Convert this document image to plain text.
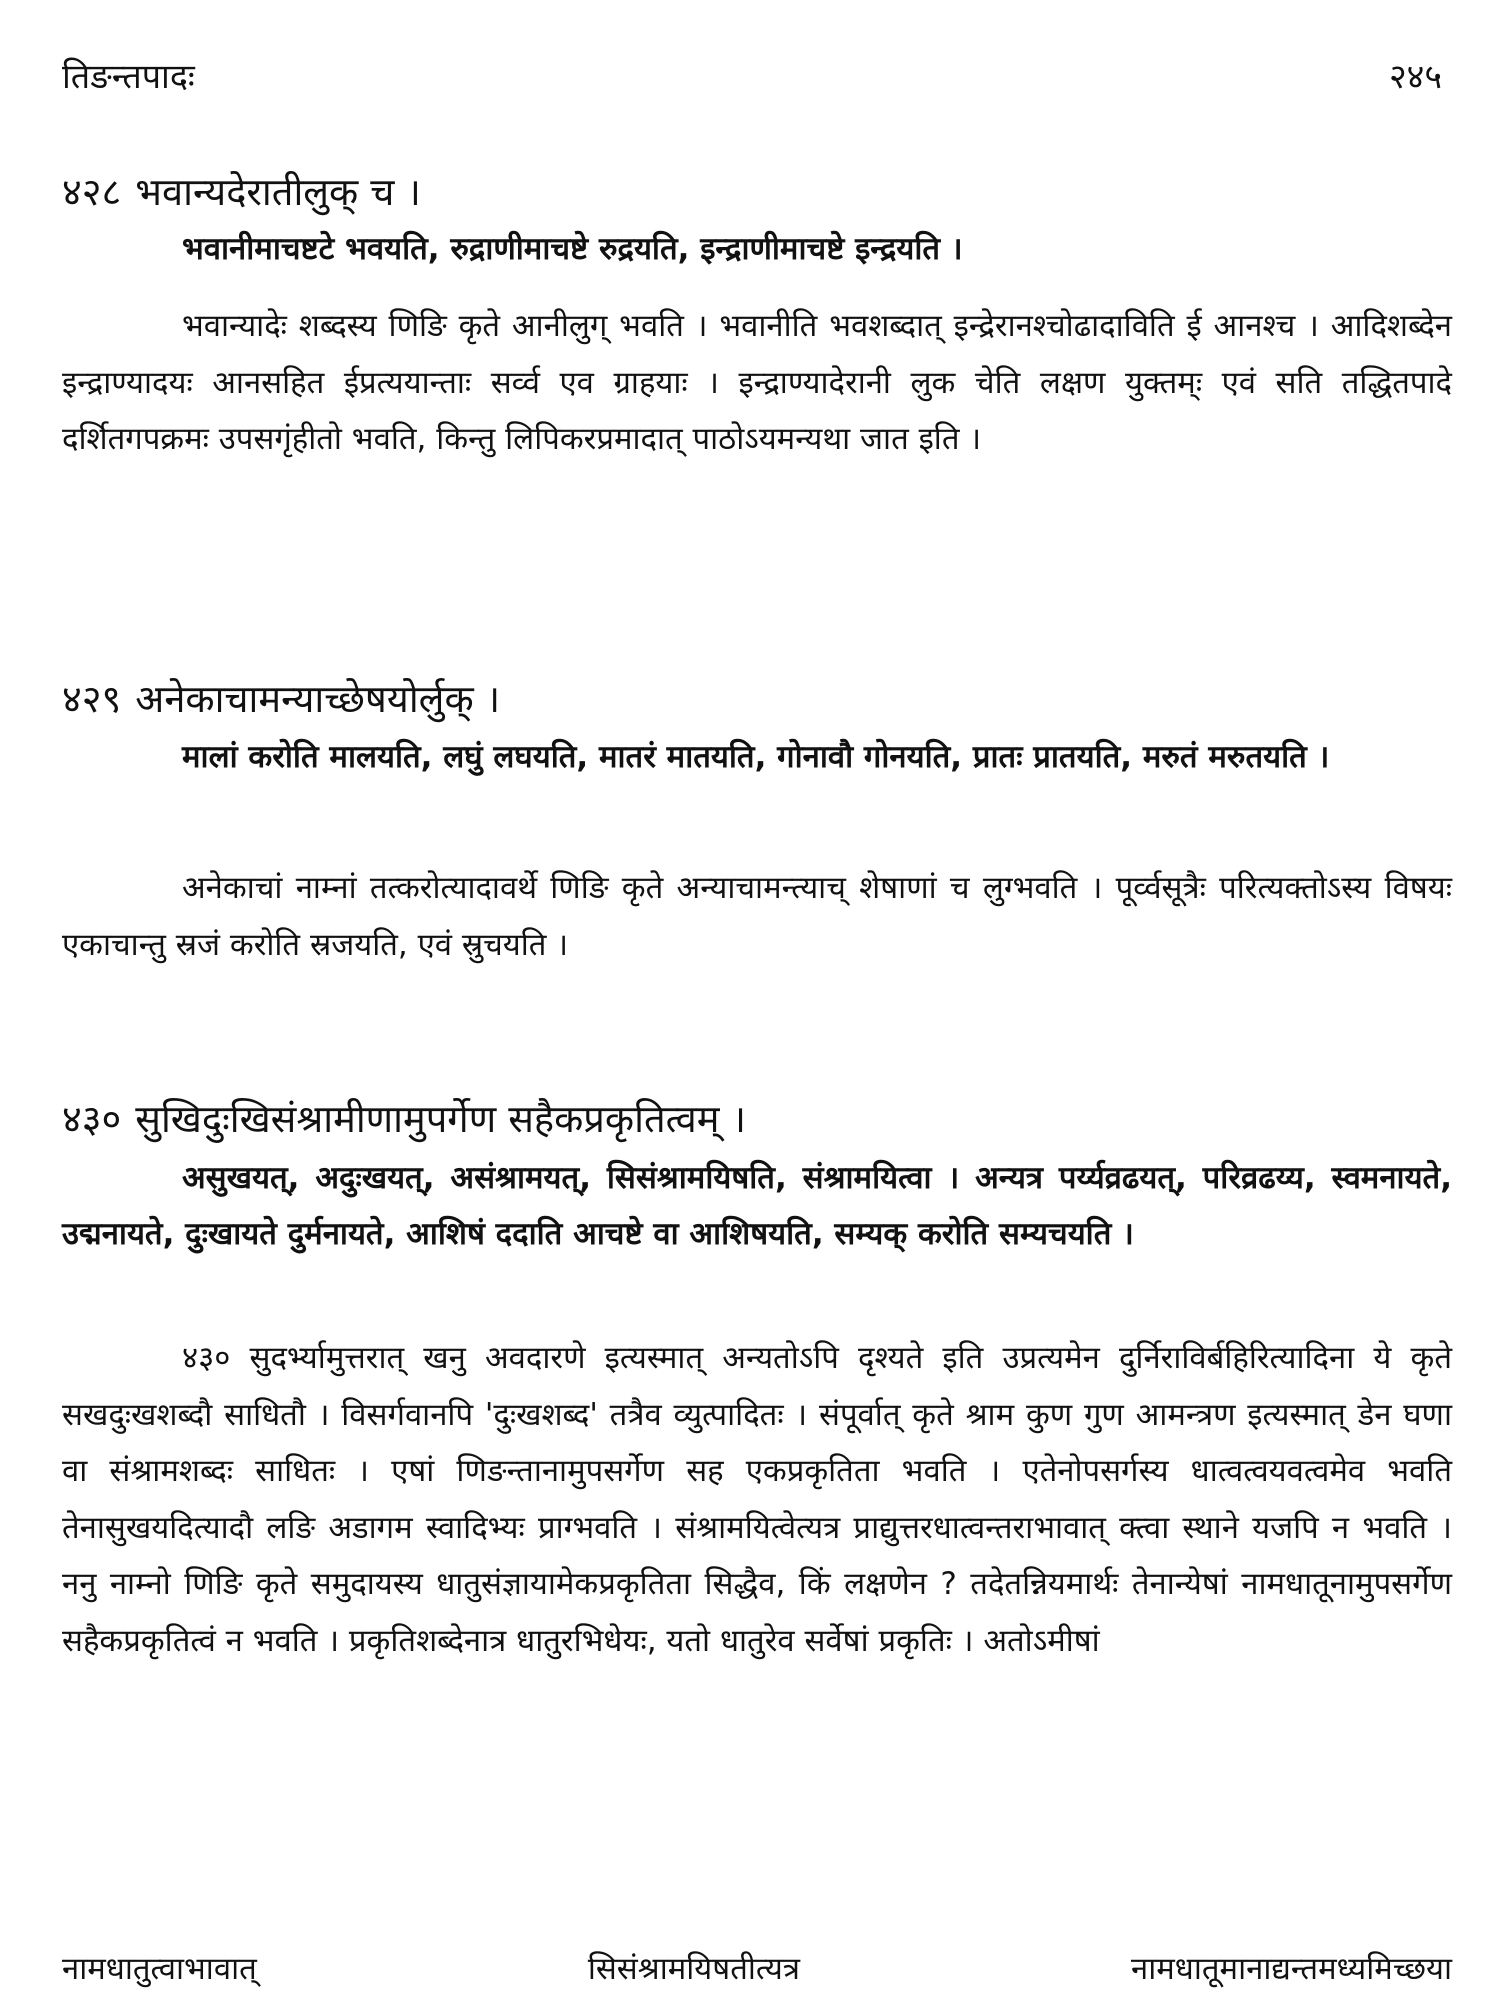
तिङन्तपादः	२४५
४२८ भवान्यदेरातीलुक् च ।
भवानीमाचष्टटे भवयति, रुद्राणीमाचष्टे रुद्रयति, इन्द्राणीमाचष्टे इन्द्रयति ।
भवान्यादेः शब्दस्य णिङि कृते आनीलुग् भवति । भवानीति भवशब्दात् इन्द्रेरानश्चोढादाविति ई आनश्च । आदिशब्देन इन्द्राण्यादयः आनसहित ईप्रत्ययान्ताः सर्व्व एव ग्राहयाः । इन्द्राण्यादेरानी लुक चेति लक्षण युक्तम्ः एवं सति तद्धितपादे दर्शितगपक्रमः उपसगृंहीतो भवति, किन्तु लिपिकरप्रमादात् पाठोऽयमन्यथा जात इति ।
४२९ अनेकाचामन्याच्छेषयोर्लुक् ।
मालां करोति मालयति, लघुं लघयति, मातरं मातयति, गोनावौ गोनयति, प्रातः प्रातयति, मरुतं मरुतयति ।
अनेकाचां नाम्नां तत्करोत्यादावर्थे णिङि कृते अन्याचामन्त्याच् शेषाणां च लुग्भवति । पूर्व्वसूत्रैः परित्यक्तोऽस्य विषयः एकाचान्तु स्रजं करोति स्रजयति, एवं स्रुचयति ।
४३० सुखिदुःखिसंश्रामीणामुपर्गेण सहैकप्रकृतित्वम् ।
असुखयत्, अदुःखयत्, असंश्रामयत्, सिसंश्रामयिषति, संश्रामयित्वा । अन्यत्र पर्य्यव्रढयत्, परिव्रढय्य, स्वमनायते, उद्मनायते, दुःखायते दुर्मनायते, आशिषं ददाति आचष्टे वा आशिषयति, सम्यक् करोति सम्यचयति ।
४३० सुदर्भ्यामुत्तरात् खनु अवदारणे इत्यस्मात् अन्यतोऽपि दृश्यते इति उप्रत्यमेन दुर्निराविर्बहिरित्यादिना ये कृते सखदुःखशब्दौ साधितौ । विसर्गवानपि 'दुःखशब्द' तत्रैव व्युत्पादितः । संपूर्वात् कृते श्राम कुण गुण आमन्त्रण इत्यस्मात् डेन घणा वा संश्रामशब्दः साधितः । एषां णिङन्तानामुपसर्गेण सह एकप्रकृतिता भवति । एतेनोपसर्गस्य धात्वत्वयवत्वमेव भवति तेनासुखयदित्यादौ लङि अडागम स्वादिभ्यः प्राग्भवति । संश्रामयित्वेत्यत्र प्राद्युत्तरधात्वन्तराभावात् क्त्वा स्थाने यजपि न भवति । ननु नाम्नो णिङि कृते समुदायस्य धातुसंज्ञायामेकप्रकृतिता सिद्धैव, किं लक्षणेन ? तदेतन्नियमार्थः तेनान्येषां नामधातूनामुपसर्गेण सहैकप्रकृतित्वं न भवति । प्रकृतिशब्देनात्र धातुरभिधेयः, यतो धातुरेव सर्वेषां प्रकृतिः । अतोऽमीषां
नामधातुत्वाभावात्	सिसंश्रामयिषतीत्यत्र	नामधातूमानाद्यन्तमध्यमिच्छया
